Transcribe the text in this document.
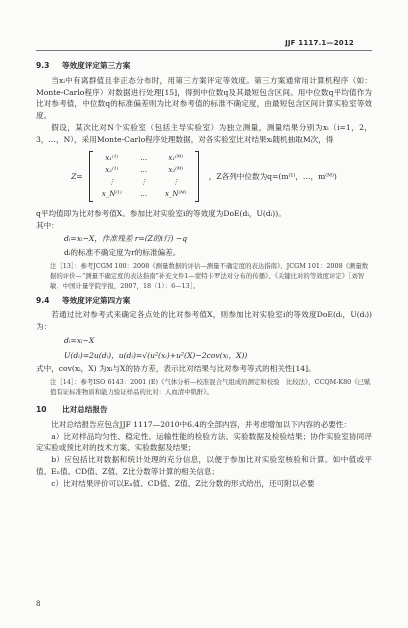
JJF 1117.1—2012
9.3 等效度评定第三方案

当xᵢ中有离群值且非正态分布时，用第三方案评定等效度。第三方案通常用计算机程序（如：Monte-Carlo程序）对数据进行处理[15]，得到中位数q及其最短包含区间。用中位数q平均值作为比对参考值，中位数q的标准偏差则为比对参考值的标准不确定度，由最短包含区间计算实验室等效度。

假设，某次比对N个实验室（包括主导实验室）为独立测量，测量结果分别为xᵢ（i=1，2，3，…，N），采用Monte-Carlo程序处理数据，对各实验室比对结果xᵢ随机抽取M次，得

Z=
x₁⁽¹⁾	…	x₁⁽ᴹ⁾
x₂⁽¹⁾	…	x₂⁽ᴹ⁾
⋮	⋮	⋮
x_N⁽¹⁾	…	x_N⁽ᴹ⁾
，Z各列中位数为q=(m⁽¹⁾，…，m⁽ᴹ⁾)

q平均值即为比对参考值X。参加比对实验室i的等效度为DoE(dᵢ，U(dᵢ))。

其中：

dᵢ=xᵢ−X，作准残差 r=(Z的i行) −q
dᵢ的标准不确定度为r的标准偏差。
注［13］：参考JCGM 100：2008《测量数据的评估—测量不确定度的表达指南》、JCGM 101：2008《测量数据的评价—“测量不确定度的表达指南”补充文件1—蒙特卡罗法对分布的传播》、《关键比对的等效度评定》［刘智敏．中国计量学院学报，2007，18（1）：6—13］。
9.4 等效度评定第四方案

若通过比对参考式来确定各点处的比对参考值X，则参加比对实验室i的等效度DoE(dᵢ，U(dᵢ))为：

dᵢ=xᵢ−X
U(dᵢ)=2u(dᵢ)，u(dᵢ)=√(u²(xᵢ)+u²(X)−2cov(xᵢ，X))

式中，cov(xᵢ，X) 为xᵢ与X的协方差，表示比对结果与比对参考等式的相关性[14]。

注［14］：参考ISO 6143：2001 (E)《气体分析—校准混合气组成的测定和校验　比较法》，CCQM-K80《已赋值有证标准物质和能力验证样品的比对：人血清中肌酐》。
10 比对总结报告

比对总结报告应包含JJF 1117—2010中6.4的全部内容，并考虑增加以下内容的必要性：

a）比对样品均匀性、稳定性、运输性能的检验方法、实验数据及检验结果；协作实验室协同评定实验或预比对的技术方案、实验数据及结果；

b）应包括比对数据和统计处理的充分信息，以便于参加比对实验室核验和计算。如中值或平值、Eₙ值、CD值、Z值、Z比分数等计算的相关信息；

c）比对结果评价可以Eₙ值、CD值、Z值、Z比分数的形式给出，还可附以必要

8
